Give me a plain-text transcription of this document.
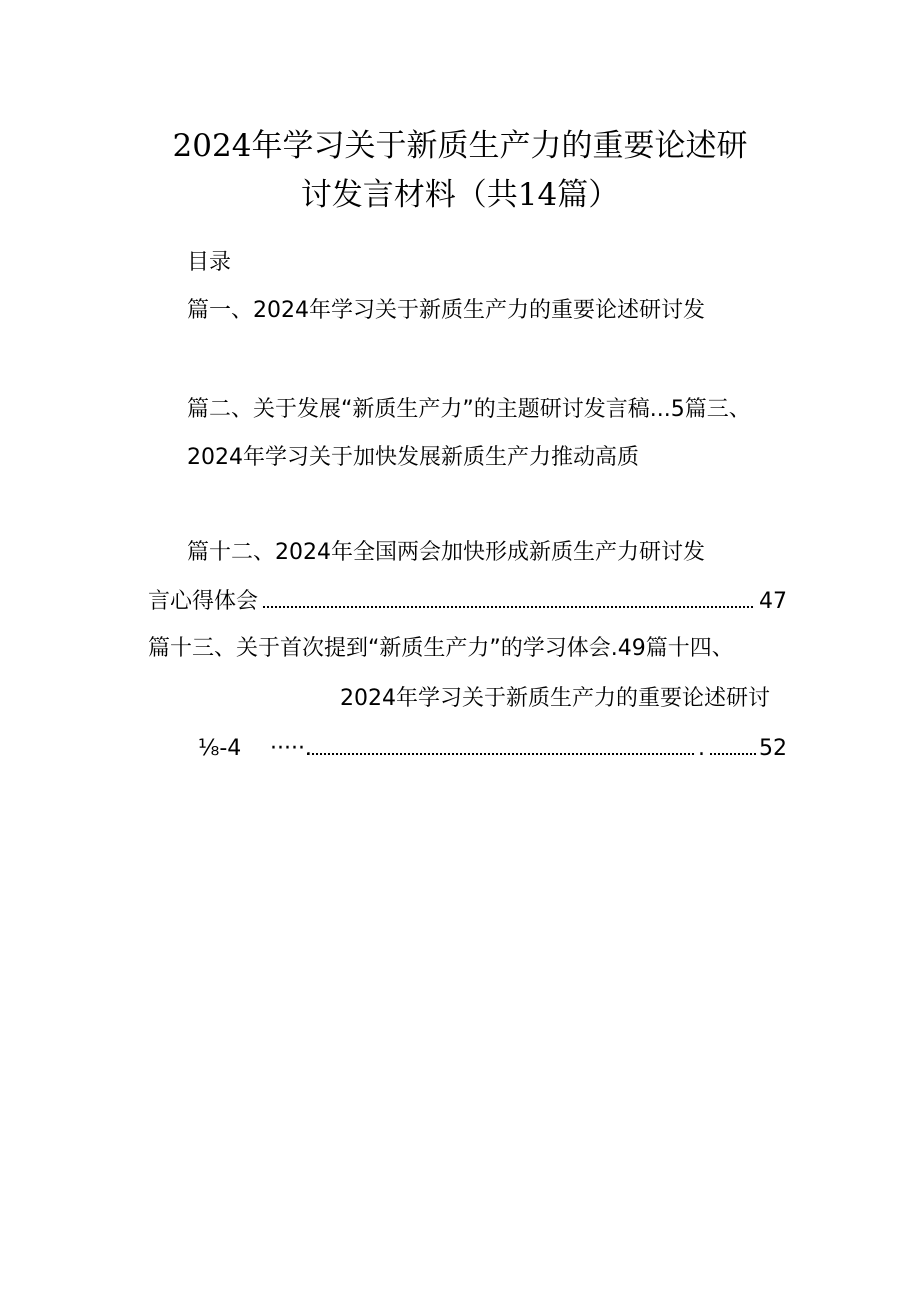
2024年学习关于新质生产力的重要论述研
讨发言材料（共14篇）
目录
篇一、2024年学习关于新质生产力的重要论述研讨发
篇二、关于发展“新质生产力”的主题研讨发言稿...5篇三、
2024年学习关于加快发展新质生产力推动高质
篇十二、2024年全国两会加快形成新质生产力研讨发
言心得体会	47
篇十三、关于首次提到“新质生产力”的学习体会.49篇十四、
2024年学习关于新质生产力的重要论述研讨
⅛-4 ·····.	. 52
